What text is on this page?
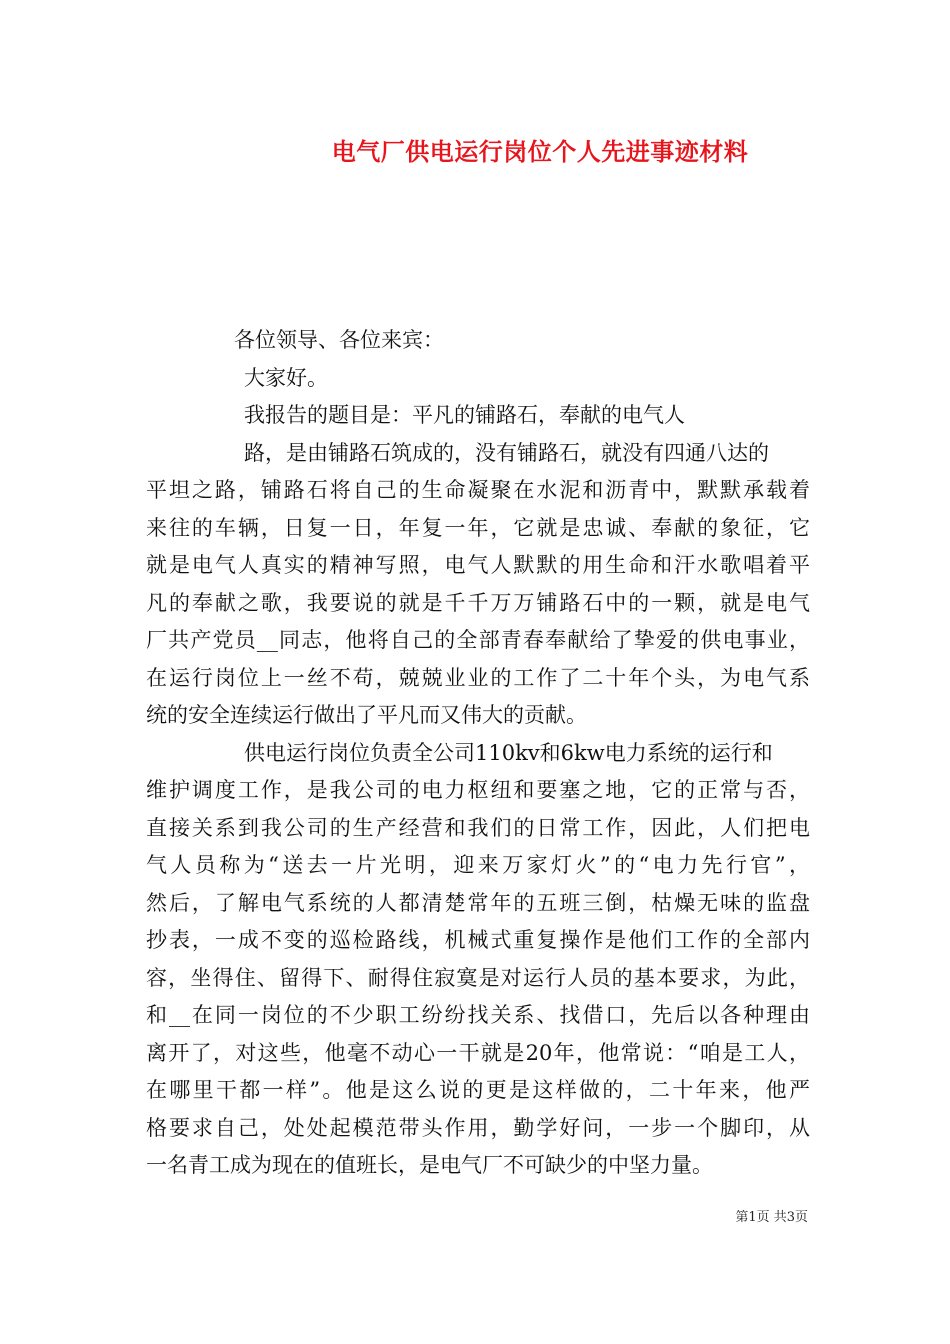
电气厂供电运行岗位个人先进事迹材料
各位领导、各位来宾：
大家好。
我报告的题目是：平凡的铺路石，奉献的电气人
路，是由铺路石筑成的，没有铺路石，就没有四通八达的
平坦之路，铺路石将自己的生命凝聚在水泥和沥青中，默默承载着
来往的车辆，日复一日，年复一年，它就是忠诚、奉献的象征，它
就是电气人真实的精神写照，电气人默默的用生命和汗水歌唱着平
凡的奉献之歌，我要说的就是千千万万铺路石中的一颗，就是电气
厂共产党员__同志，他将自己的全部青春奉献给了挚爱的供电事业，
在运行岗位上一丝不苟，兢兢业业的工作了二十年个头，为电气系
统的安全连续运行做出了平凡而又伟大的贡献。
供电运行岗位负责全公司110kv和6kw电力系统的运行和
维护调度工作，是我公司的电力枢纽和要塞之地，它的正常与否，
直接关系到我公司的生产经营和我们的日常工作，因此，人们把电
气人员称为“送去一片光明，迎来万家灯火”的“电力先行官”，
然后，了解电气系统的人都清楚常年的五班三倒，枯燥无味的监盘
抄表，一成不变的巡检路线，机械式重复操作是他们工作的全部内
容，坐得住、留得下、耐得住寂寞是对运行人员的基本要求，为此，
和__在同一岗位的不少职工纷纷找关系、找借口，先后以各种理由
离开了，对这些，他毫不动心一干就是20年，他常说：“咱是工人，
在哪里干都一样”。他是这么说的更是这样做的，二十年来，他严
格要求自己，处处起模范带头作用，勤学好问，一步一个脚印，从
一名青工成为现在的值班长，是电气厂不可缺少的中坚力量。
第1页 共3页
